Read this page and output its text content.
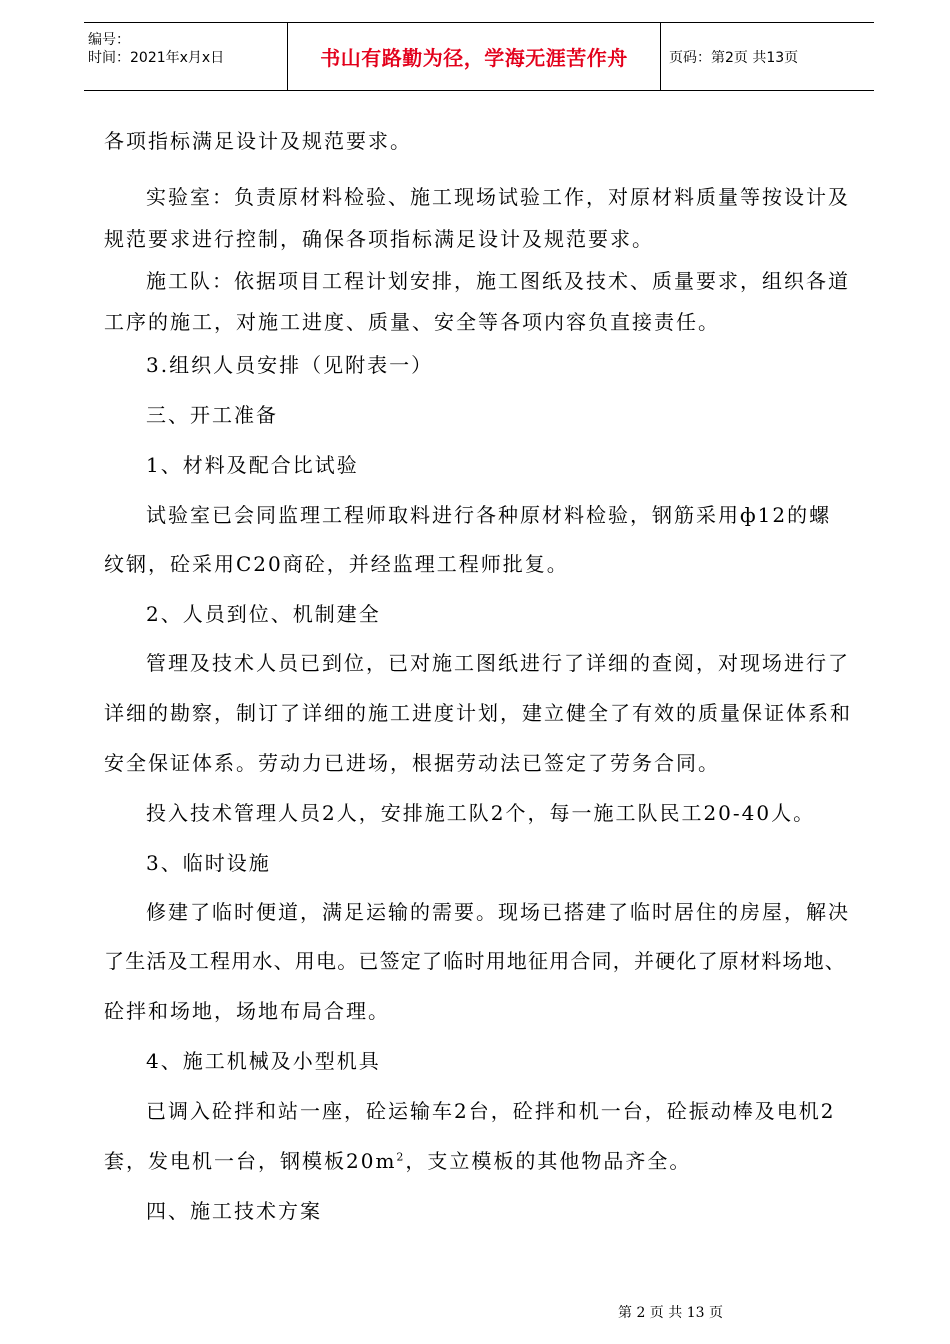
编号：
时间：2021年x月x日	书山有路勤为径，学海无涯苦作舟	页码：第2页 共13页
各项指标满足设计及规范要求。
实验室：负责原材料检验、施工现场试验工作，对原材料质量等按设计及
规范要求进行控制，确保各项指标满足设计及规范要求。
施工队：依据项目工程计划安排，施工图纸及技术、质量要求，组织各道
工序的施工，对施工进度、质量、安全等各项内容负直接责任。
3.组织人员安排（见附表一）
三、开工准备
1、材料及配合比试验
试验室已会同监理工程师取料进行各种原材料检验，钢筋采用ф12的螺
纹钢，砼采用C20商砼，并经监理工程师批复。
2、人员到位、机制建全
管理及技术人员已到位，已对施工图纸进行了详细的查阅，对现场进行了
详细的勘察，制订了详细的施工进度计划，建立健全了有效的质量保证体系和
安全保证体系。劳动力已进场，根据劳动法已签定了劳务合同。
投入技术管理人员2人，安排施工队2个，每一施工队民工20-40人。
3、临时设施
修建了临时便道，满足运输的需要。现场已搭建了临时居住的房屋，解决
了生活及工程用水、用电。已签定了临时用地征用合同，并硬化了原材料场地、
砼拌和场地，场地布局合理。
4、施工机械及小型机具
已调入砼拌和站一座，砼运输车2台，砼拌和机一台，砼振动棒及电机2
套，发电机一台，钢模板$20m^2$，支立模板的其他物品齐全。
四、施工技术方案
第 2 页 共 13 页
